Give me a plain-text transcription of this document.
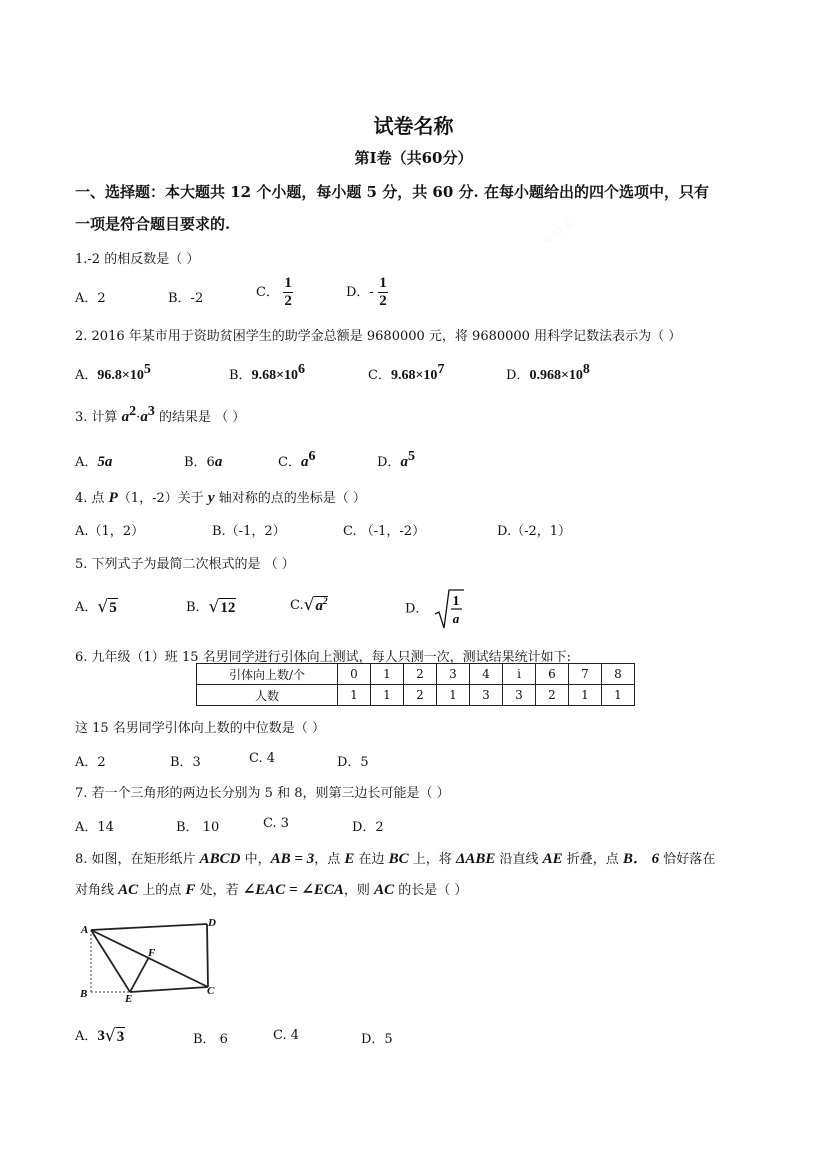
◦◦◦
试卷名称
第Ⅰ卷（共60分）
一、选择题：本大题共 12 个小题，每小题 5 分，共 60 分. 在每小题给出的四个选项中，只有
一项是符合题目要求的.
1.-2 的相反数是（ ）
A．2	B．-2	C． $\frac{1}{2}$	D．- $\frac{1}{2}$
2. 2016 年某市用于资助贫困学生的助学金总额是 9680000 元，将 9680000 用科学记数法表示为（ ）
A．$96.8\times 10^5$	B．$9.68\times 10^6$	C．$9.68\times 10^7$	D．$0.968\times 10^8$
3. 计算 $a^2\cdot a^3$ 的结果是 （ ）
A．5a	B．6a	C．$a^6$	D．$a^5$
4. 点 P（1，-2）关于 y 轴对称的点的坐标是（ ）
A.（1，2）	B.（-1，2）	C. （-1，-2）	D.（-2，1）
5. 下列式子为最简二次根式的是 （ ）
A． √ 5	B． √ 12	C. √ $a^2$
D． 1
a
6. 九年级（1）班 15 名男同学进行引体向上测试，每人只测一次，测试结果统计如下:
引体向上数/个	0	1	2	3	4	i	6	7	8
人数	1	1	2	1	3	3	2	1	1
这 15 名男同学引体向上数的中位数是（ ）
A．2	B．3	C. 4	D．5
7. 若一个三角形的两边长分别为 5 和 8，则第三边长可能是（ ）
A．14	B． 10	C. 3	D．2
8. 如图，在矩形纸片 ABCD 中，AB = 3，点 E 在边 BC 上，将 ΔABE 沿直线 AE 折叠，点 B． 6 恰好落在
对角线 AC 上的点 F 处，若 ∠EAC = ∠ECA，则 AC 的长是（ ）
A
D
F
B	E
C
A．3 √ 3	B． 6	C. 4	D．5
